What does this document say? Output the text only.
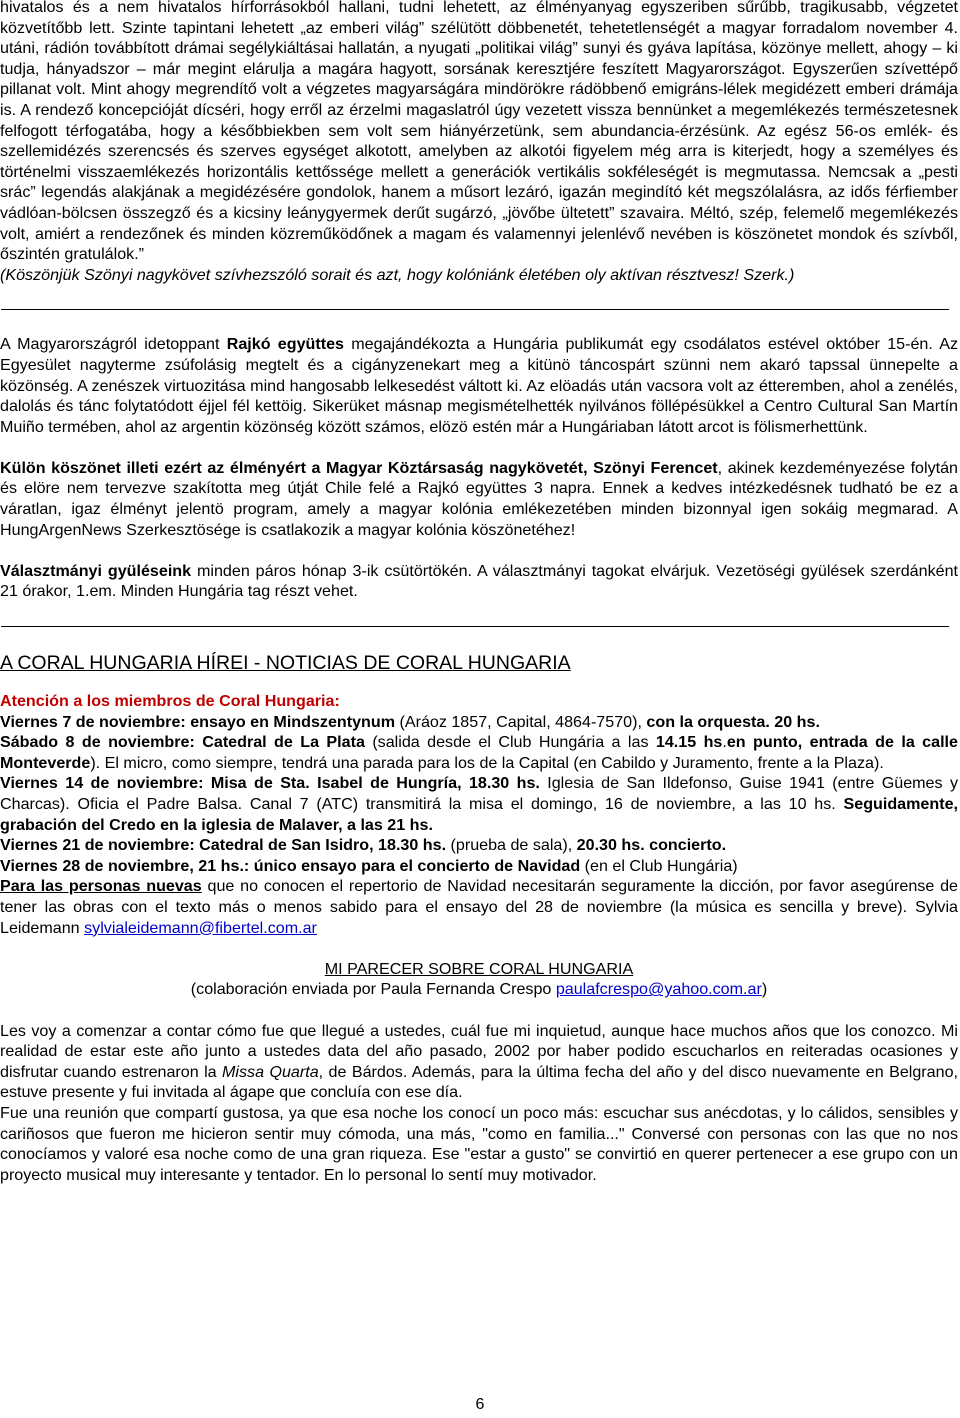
hivatalos és a nem hivatalos hírforrásokból hallani, tudni lehetett, az élményanyag egyszeriben sűrűbb, tragikusabb, végzetet közvetítőbb lett. Szinte tapintani lehetett „az emberi világ” szélütött döbbenetét, tehetetlenségét a magyar forradalom november 4. utáni, rádión továbbított drámai segélykiáltásai hallatán, a nyugati „politikai világ” sunyi és gyáva lapítása, közönye mellett, ahogy – ki tudja, hányadszor – már megint elárulja a magára hagyott, sorsának keresztjére feszített Magyarországot. Egyszerűen szívettépő pillanat volt. Mint ahogy megrendítő volt a végzetes magyarságára mindörökre rádöbbenő emigráns-lélek megidézett emberi drámája is. A rendező koncepcióját dícséri, hogy erről az érzelmi magaslatról úgy vezetett vissza bennünket a megemlékezés természetesnek felfogott térfogatába, hogy a későbbiekben sem volt sem hiányérzetünk, sem abundancia-érzésünk. Az egész 56-os emlék- és szellemidézés szerencsés és szerves egységet alkotott, amelyben az alkotói figyelem még arra is kiterjedt, hogy a személyes és történelmi visszaemlékezés horizontális kettőssége mellett a generációk vertikális sokféleségét is megmutassa. Nemcsak a „pesti srác” legendás alakjának a megidézésére gondolok, hanem a műsort lezáró, igazán megindító két megszólalásra, az idős férfiember vádlóan-bölcsen összegző és a kicsiny leánygyermek derűt sugárzó, „jövőbe ültetett” szavaira. Méltó, szép, felemelő megemlékezés volt, amiért a rendezőnek és minden közreműködőnek a magam és valamennyi jelenlévő nevében is köszönetet mondok és szívből, őszintén gratulálok.”

(Köszönjük Szönyi nagykövet szívhezszóló sorait és azt, hogy kolóniánk életében oly aktívan résztvesz! Szerk.)

A Magyarországról idetoppant Rajkó együttes megajándékozta a Hungária publikumát egy csodálatos estével október 15-én. Az Egyesület nagyterme zsúfolásig megtelt és a cigányzenekart meg a kitünö táncospárt szünni nem akaró tapssal ünnepelte a közönség. A zenészek virtuozitása mind hangosabb lelkesedést váltott ki. Az elöadás után vacsora volt az étteremben, ahol a zenélés, dalolás és tánc folytatódott éjjel fél kettöig. Sikerüket másnap megismételhették nyilvános föllépésükkel a Centro Cultural San Martín Muiño termében, ahol az argentin közönség között számos, elözö estén már a Hungáriaban látott arcot is fölismerhettünk.

Külön köszönet illeti ezért az élményért a Magyar Köztársaság nagykövetét, Szönyi Ferencet, akinek kezdeményezése folytán és elöre nem tervezve szakította meg útját Chile felé a Rajkó együttes 3 napra. Ennek a kedves intézkedésnek tudható be ez a váratlan, igaz élményt jelentö program, amely a magyar kolónia emlékezetében minden bizonnyal igen sokáig megmarad. A HungArgenNews Szerkesztösége is csatlakozik a magyar kolónia köszönetéhez!

Választmányi gyüléseink minden páros hónap 3-ik csütörtökén. A választmányi tagokat elvárjuk. Vezetöségi gyülések szerdánként 21 órakor, 1.em. Minden Hungária tag részt vehet.

A CORAL HUNGARIA HÍREI - NOTICIAS DE CORAL HUNGARIA

Atención a los miembros de Coral Hungaria:

Viernes 7 de noviembre: ensayo en Mindszentynum (Aráoz 1857, Capital, 4864-7570), con la orquesta. 20 hs.

Sábado 8 de noviembre: Catedral de La Plata (salida desde el Club Hungária a las 14.15 hs.en punto, entrada de la calle Monteverde). El micro, como siempre, tendrá una parada para los de la Capital (en Cabildo y Juramento, frente a la Plaza).

Viernes 14 de noviembre: Misa de Sta. Isabel de Hungría, 18.30 hs. Iglesia de San Ildefonso, Guise 1941 (entre Güemes y Charcas). Oficia el Padre Balsa. Canal 7 (ATC) transmitirá la misa el domingo, 16 de noviembre, a las 10 hs. Seguidamente, grabación del Credo en la iglesia de Malaver, a las 21 hs.

Viernes 21 de noviembre: Catedral de San Isidro, 18.30 hs. (prueba de sala), 20.30 hs. concierto.

Viernes 28 de noviembre, 21 hs.: único ensayo para el concierto de Navidad (en el Club Hungária)

Para las personas nuevas que no conocen el repertorio de Navidad necesitarán seguramente la dicción, por favor asegúrense de tener las obras con el texto más o menos sabido para el ensayo del 28 de noviembre (la música es sencilla y breve). Sylvia Leidemann sylvialeidemann@fibertel.com.ar

MI PARECER SOBRE CORAL HUNGARIA

(colaboración enviada por Paula Fernanda Crespo paulafcrespo@yahoo.com.ar)

Les voy a comenzar a contar cómo fue que llegué a ustedes, cuál fue mi inquietud, aunque hace muchos años que los conozco. Mi realidad de estar este año junto a ustedes data del año pasado, 2002 por haber podido escucharlos en reiteradas ocasiones y disfrutar cuando estrenaron la Missa Quarta, de Bárdos. Además, para la última fecha del año y del disco nuevamente en Belgrano, estuve presente y fui invitada al ágape que concluía con ese día.

Fue una reunión que compartí gustosa, ya que esa noche los conocí un poco más: escuchar sus anécdotas, y lo cálidos, sensibles y cariñosos que fueron me hicieron sentir muy cómoda, una más, "como en familia..." Conversé con personas con las que no nos conocíamos y valoré esa noche como de una gran riqueza. Ese "estar a gusto" se convirtió en querer pertenecer a ese grupo con un proyecto musical muy interesante y tentador. En lo personal lo sentí muy motivador.

6
